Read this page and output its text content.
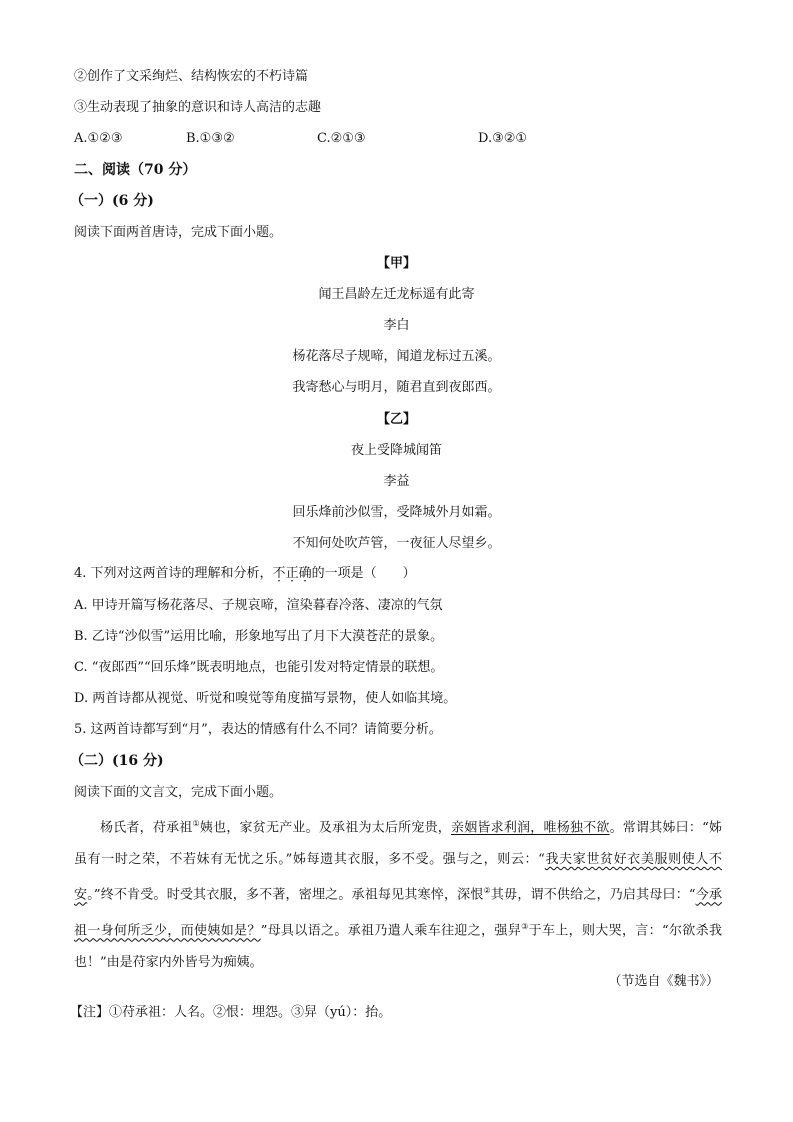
②创作了文采绚烂、结构恢宏的不朽诗篇
③生动表现了抽象的意识和诗人高洁的志趣
A.①②③	B.①③②	C.②①③	D.③②①
二、阅读（70 分）
（一）(6 分)
阅读下面两首唐诗，完成下面小题。
【甲】
闻王昌龄左迁龙标遥有此寄
李白
杨花落尽子规啼，闻道龙标过五溪。
我寄愁心与明月，随君直到夜郎西。
【乙】
夜上受降城闻笛
李益
回乐烽前沙似雪，受降城外月如霜。
不知何处吹芦管，一夜征人尽望乡。
4. 下列对这两首诗的理解和分析，不正确的一项是（　　）
A. 甲诗开篇写杨花落尽、子规哀啼，渲染暮春冷落、凄凉的气氛
B. 乙诗“沙似雪”运用比喻，形象地写出了月下大漠苍茫的景象。
C. “夜郎西”“回乐烽”既表明地点，也能引发对特定情景的联想。
D. 两首诗都从视觉、听觉和嗅觉等角度描写景物，使人如临其境。
5. 这两首诗都写到“月”，表达的情感有什么不同？请简要分析。
（二）(16 分)
阅读下面的文言文，完成下面小题。
杨氏者，苻承祖①姨也，家贫无产业。及承祖为太后所宠贵，亲姻皆求利润，唯杨独不欲。常谓其姊曰：“姊虽有一时之荣，不若妹有无忧之乐。”姊每遗其衣服，多不受。强与之，则云：“我夫家世贫好衣美服则使人不安。”终不肯受。时受其衣服，多不著，密埋之。承祖每见其寒悴，深恨②其毋，谓不供给之，乃启其母曰：“今承祖一身何所乏少，而使姨如是？”母具以语之。承祖乃遣人乘车往迎之，强舁③于车上，则大哭，言：“尔欲杀我也！”由是苻家内外皆号为痴姨。
（节选自《魏书》）
【注】①苻承祖：人名。②恨：埋怨。③舁（yú）：抬。
